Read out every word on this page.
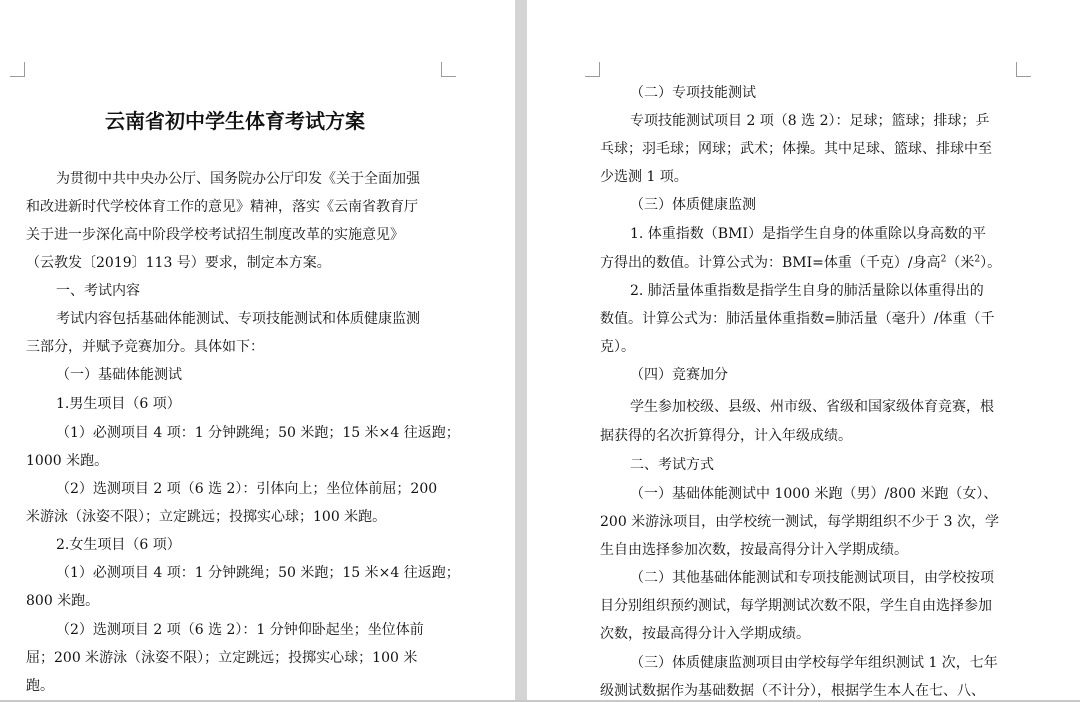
云南省初中学生体育考试方案
为贯彻中共中央办公厅、国务院办公厅印发《关于全面加强
和改进新时代学校体育工作的意见》精神，落实《云南省教育厅
关于进一步深化高中阶段学校考试招生制度改革的实施意见》
（云教发〔2019〕113 号）要求，制定本方案。
一、考试内容
考试内容包括基础体能测试、专项技能测试和体质健康监测
三部分，并赋予竞赛加分。具体如下：
（一）基础体能测试
1.男生项目（6 项）
（1）必测项目 4 项：1 分钟跳绳；50 米跑；15 米×4 往返跑；
1000 米跑。
（2）选测项目 2 项（6 选 2）：引体向上；坐位体前屈；200
米游泳（泳姿不限）；立定跳远；投掷实心球；100 米跑。
2.女生项目（6 项）
（1）必测项目 4 项：1 分钟跳绳；50 米跑；15 米×4 往返跑；
800 米跑。
（2）选测项目 2 项（6 选 2）：1 分钟仰卧起坐；坐位体前
屈；200 米游泳（泳姿不限）；立定跳远；投掷实心球；100 米
跑。
（二）专项技能测试
专项技能测试项目 2 项（8 选 2）：足球；篮球；排球；乒
乓球；羽毛球；网球；武术；体操。其中足球、篮球、排球中至
少选测 1 项。
（三）体质健康监测
1. 体重指数（BMI）是指学生自身的体重除以身高数的平
方得出的数值。计算公式为：BMI=体重（千克）/身高$^2$（米$^2$）。
2. 肺活量体重指数是指学生自身的肺活量除以体重得出的
数值。计算公式为：肺活量体重指数=肺活量（毫升）/体重（千
克）。
（四）竞赛加分
学生参加校级、县级、州市级、省级和国家级体育竞赛，根
据获得的名次折算得分，计入年级成绩。
二、考试方式
（一）基础体能测试中 1000 米跑（男）/800 米跑（女）、
200 米游泳项目，由学校统一测试，每学期组织不少于 3 次，学
生自由选择参加次数，按最高得分计入学期成绩。
（二）其他基础体能测试和专项技能测试项目，由学校按项
目分别组织预约测试，每学期测试次数不限，学生自由选择参加
次数，按最高得分计入学期成绩。
（三）体质健康监测项目由学校每学年组织测试 1 次，七年
级测试数据作为基础数据（不计分），根据学生本人在七、八、
